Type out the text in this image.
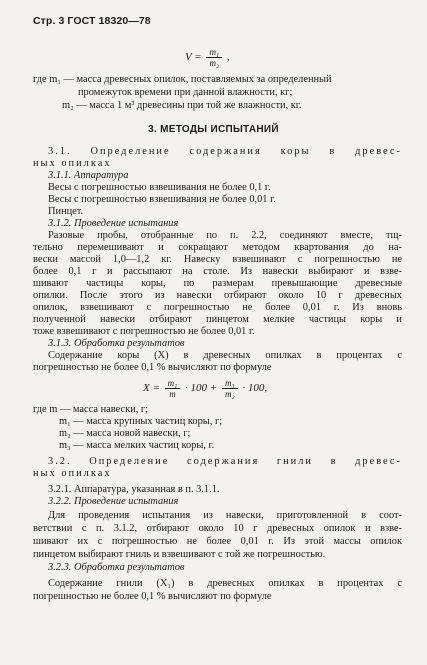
Стр. 3 ГОСТ 18320—78
$V = \frac{\text{m₁}}{\text{m₂}}$ ,
где m₁ — масса древесных опилок, поставляемых за определенный
промежуток времени при данной влажности, кг;
m₂ — масса 1 м³ древесины при той же влажности, кг.
3. МЕТОДЫ ИСПЫТАНИЙ
3.1. Определение содержания коры в древес-
ных опилках
3.1.1. Аппаратура
Весы с погрешностью взвешивания не более 0,1 г.
Весы с погрешностью взвешивания не более 0,01 г.
Пинцет.
3.1.2. Проведение испытания
Разовые пробы, отобранные по п. 2.2, соединяют вместе, тщ-
тельно перемешивают и сокращают методом квартования до на-
вески массой 1,0—1,2 кг. Навеску взвешивают с погрешностью не
более 0,1 г и рассыпают на столе. Из навески выбирают и взве-
шивают частицы коры, по размерам превышающие древесные
опилки. После этого из навески отбирают около 10 г древесных
опилок, взвешивают с погрешностью не более 0,01 г. Из вновь
полученной навески отбирают пинцетом мелкие частицы коры и
тоже взвешивают с погрешностью не более 0,01 г.
3.1.3. Обработка результатов
Содержание коры (X) в древесных опилках в процентах с
погрешностью не более 0,1 % вычисляют по формуле
$X = \frac{\text{m₁}}{m} \cdot 100 + \frac{\text{m₃}}{\text{m₂}} \cdot 100$,
где m — масса навески, г;
m₁ — масса крупных частиц коры, г;
m₂ — масса новой навески, г;
m₃ — масса мелких частиц коры, г.
3.2. Определение содержания гнили в древес-
ных опилках
3.2.1. Аппаратура, указанная в п. 3.1.1.
3.2.2. Проведение испытания
Для проведения испытания из навески, приготовленной в соот-
ветствии с п. 3.1.2, отбирают около 10 г древесных опилок и взве-
шивают их с погрешностью не более 0,01 г. Из этой массы опилок
пинцетом выбирают гниль и взвешивают с той же погрешностью.
3.2.3. Обработка результатов
Содержание гнили (X₁) в древесных опилках в процентах с
погрешностью не более 0,1 % вычисляют по формуле
